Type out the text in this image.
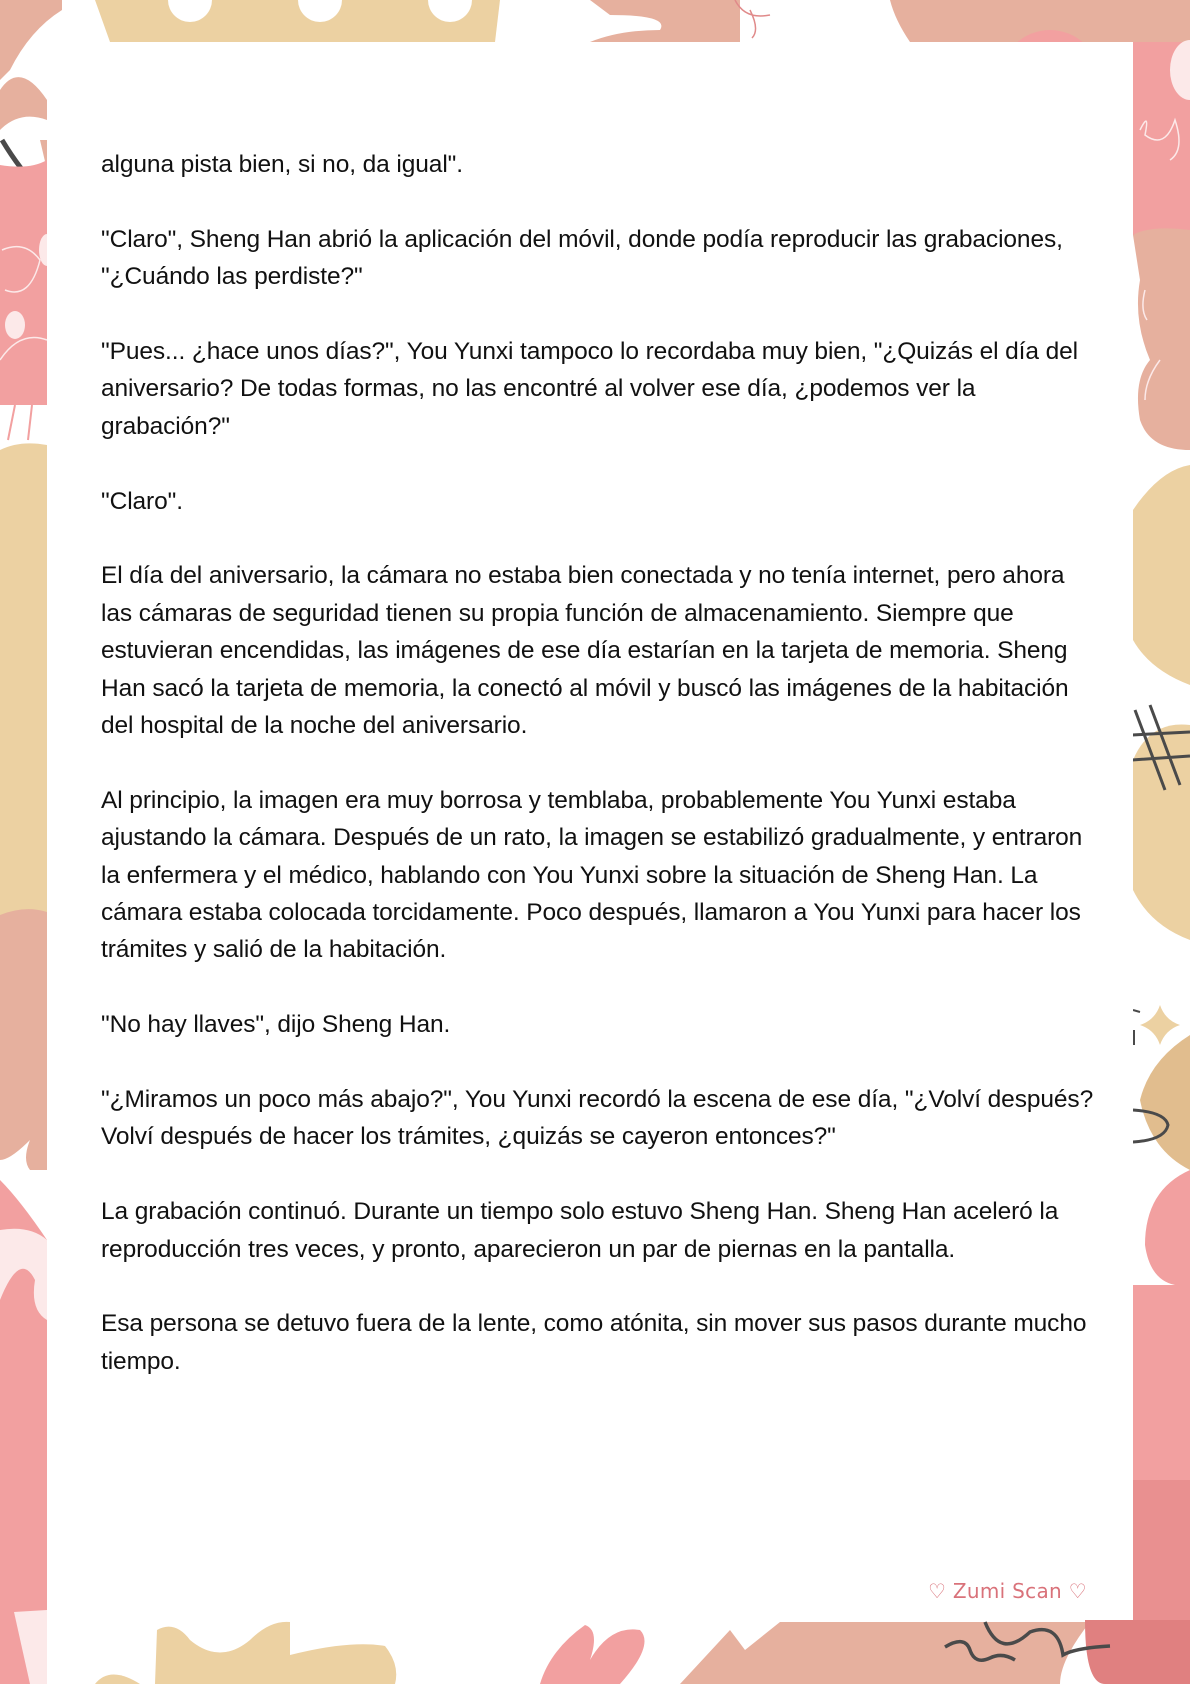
alguna pista bien, si no, da igual".

"Claro", Sheng Han abrió la aplicación del móvil, donde podía reproducir las grabaciones, "¿Cuándo las perdiste?"

"Pues... ¿hace unos días?", You Yunxi tampoco lo recordaba muy bien, "¿Quizás el día del aniversario? De todas formas, no las encontré al volver ese día, ¿podemos ver la grabación?"

"Claro".

El día del aniversario, la cámara no estaba bien conectada y no tenía internet, pero ahora las cámaras de seguridad tienen su propia función de almacenamiento. Siempre que estuvieran encendidas, las imágenes de ese día estarían en la tarjeta de memoria. Sheng Han sacó la tarjeta de memoria, la conectó al móvil y buscó las imágenes de la habitación del hospital de la noche del aniversario.

Al principio, la imagen era muy borrosa y temblaba, probablemente You Yunxi estaba ajustando la cámara. Después de un rato, la imagen se estabilizó gradualmente, y entraron la enfermera y el médico, hablando con You Yunxi sobre la situación de Sheng Han. La cámara estaba colocada torcidamente. Poco después, llamaron a You Yunxi para hacer los trámites y salió de la habitación.

"No hay llaves", dijo Sheng Han.

"¿Miramos un poco más abajo?", You Yunxi recordó la escena de ese día, "¿Volví después? Volví después de hacer los trámites, ¿quizás se cayeron entonces?"

La grabación continuó. Durante un tiempo solo estuvo Sheng Han. Sheng Han aceleró la reproducción tres veces, y pronto, aparecieron un par de piernas en la pantalla.

Esa persona se detuvo fuera de la lente, como atónita, sin mover sus pasos durante mucho tiempo.

♡ Zumi Scan ♡
